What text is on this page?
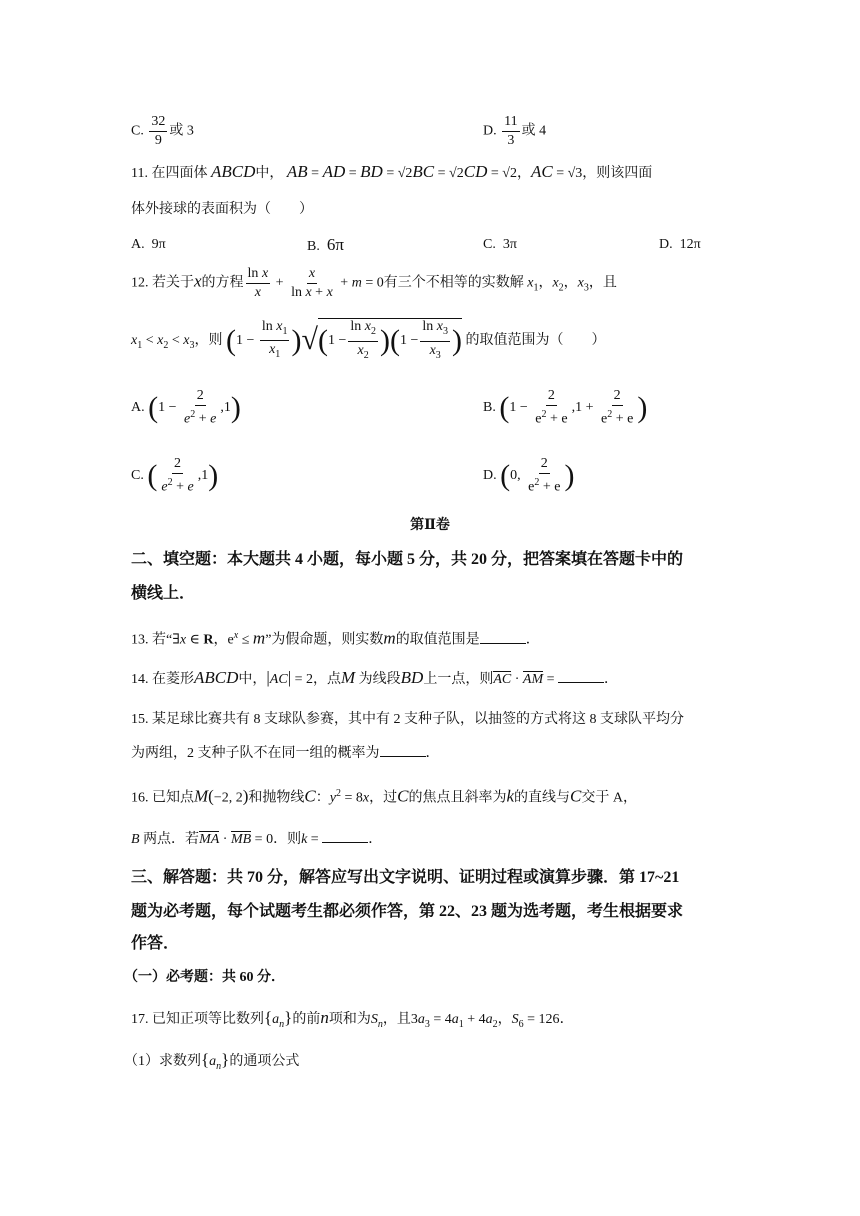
C. $\frac{32}{9}$ 或 3	D. $\frac{11}{3}$ 或 4
11. 在四面体 ABCD中， AB = AD = BD = √2BC = √2CD = √2，AC = √3，则该四面
体外接球的表面积为（　　）
A. 9π	B. 6π	C. 3π	D. 12π
12. 若关于x的方程 $\frac{\text{ln x}}{x} + \frac{x}{\text{ln x + x}} + m = 0$有三个不相等的实数解 $x_1$，$x_2$，$x_3$，且
$x_1 < x_2 < x_3$，则 ($1 - \frac{\ln x_1}{x_1}$ ) √ ( $1 - \frac{\ln x_2}{x_2}$ ) ( $1 - \frac{\ln x_3}{x_3}$ ) 的取值范围为（　　）
A. $(1 - \frac{2}{e^2 + e} ,1)$	B. ($1 - \frac{2}{e^2 + e} ,1 + \frac{2}{e^2 + e}$ )
C. ( $\frac{2}{e^2 + e} ,1$)	D. (0, $\frac{2}{e^2 + e}$ )
第Ⅱ卷
二、填空题：本大题共 4 小题，每小题 5 分，共 20 分，把答案填在答题卡中的
横线上．
13. 若“∃x ∈ R，$e^x \le m$”为假命题，则实数m的取值范围是	．
14. 在菱形ABCD中，|AC| = 2，点M 为线段BD上一点，则AC · AM =	．
15. 某足球比赛共有 8 支球队参赛，其中有 2 支种子队，以抽签的方式将这 8 支球队平均分
为两组，2 支种子队不在同一组的概率为	．
16. 已知点M(−2, 2)和抛物线C：$y^2 = 8x$，过C的焦点且斜率为k的直线与C交于 A，
B 两点．若MA · MB = 0．则k =	．
三、解答题：共 70 分，解答应写出文字说明、证明过程或演算步骤．第 17~21
题为必考题，每个试题考生都必须作答，第 22、23 题为选考题，考生根据要求
作答．
（一）必考题：共 60 分．
17. 已知正项等比数列$\{a_n\}$的前n项和为$S_n$，且$3a_3 = 4a_1 + 4a_2$，$S_6 = 126$．
（1）求数列$\{a_n\}$的通项公式
